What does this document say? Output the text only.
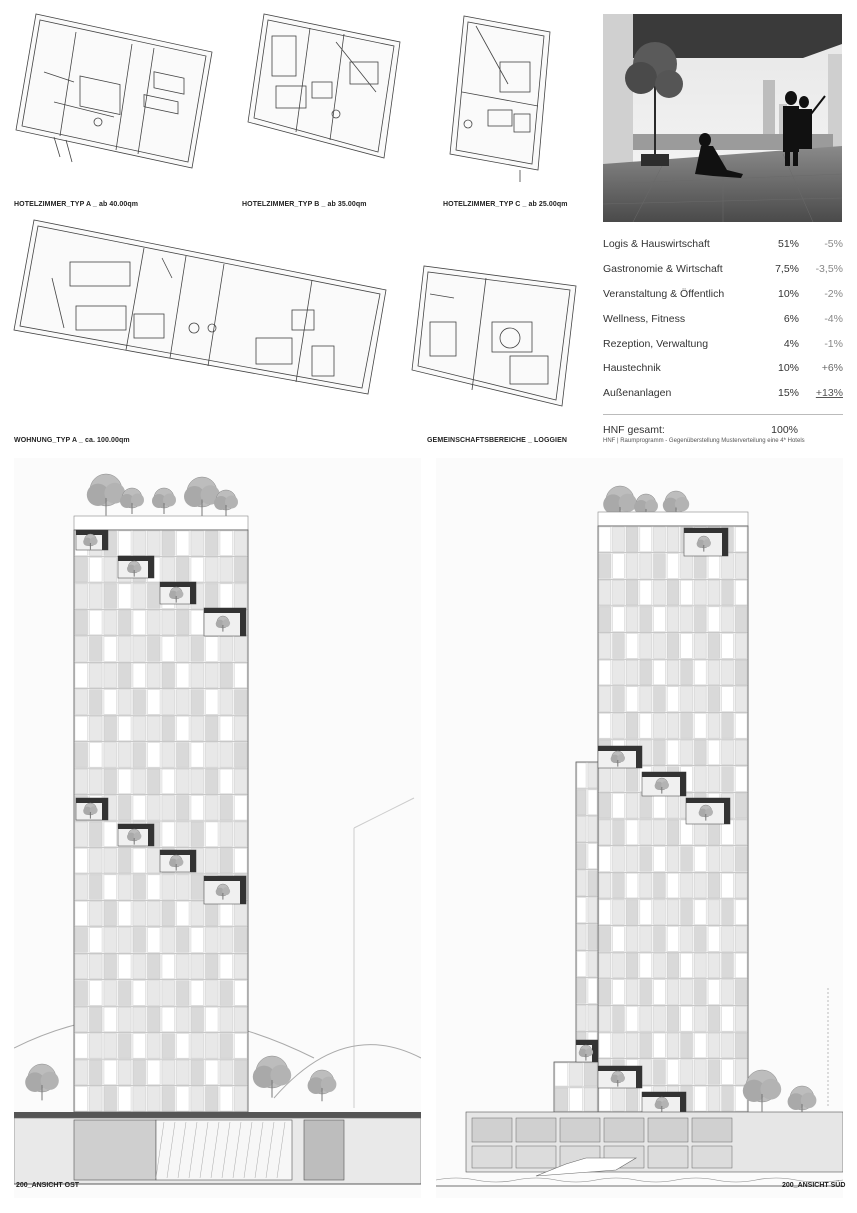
HOTELZIMMER_TYP A _ ab 40.00qm	HOTELZIMMER_TYP B _ ab 35.00qm	HOTELZIMMER_TYP C _ ab 25.00qm
WOHNUNG_TYP A _ ca. 100.00qm	GEMEINSCHAFTSBEREICHE _ LOGGIEN
Logis & Hauswirtschaft	51% -5%
Gastronomie & Wirtschaft	7,5% -3,5%
Veranstaltung & Öffentlich	10% -2%
Wellness, Fitness	6% -4%
Rezeption, Verwaltung	4% -1%
Haustechnik	10% +6%
Außenanlagen	15% +13%
HNF gesamt:	100%
HNF | Raumprogramm - Gegenüberstellung Musterverteilung eine 4* Hotels
200_ANSICHT OST	200_ANSICHT SÜD
